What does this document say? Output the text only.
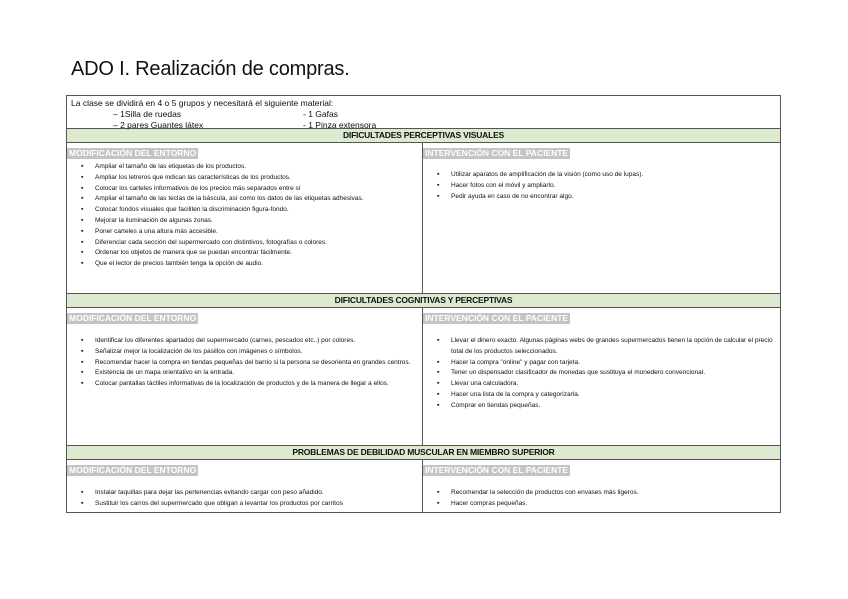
ADO I. Realización de compras.
La clase se dividirá en 4 o 5 grupos y necesitará el siguiente material:
– 1Silla de ruedas	- 1 Gafas
– 2 pares Guantes látex	- 1 Pinza extensora
DIFICULTADES PERCEPTIVAS VISUALES
MODIFICACIÓN DEL ENTORNO
▪ Ampliar el tamaño de las etiquetas de los productos.
▪ Ampliar los letreros que indican las características de los productos.
▪ Colocar los carteles informativos de los precios más separados entre sí
▪ Ampliar el tamaño de las teclas de la báscula, así como los datos de las etiquetas adhesivas.
▪ Colocar fondos visuales que faciliten la discriminación figura-fondo.
▪ Mejorar la iluminación de algunas zonas.
▪ Poner carteles a una altura más accesible.
▪ Diferenciar cada sección del supermercado con distintivos, fotografías o colores.
▪ Ordenar los objetos de manera que se puedan encontrar fácilmente.
▪ Que el lector de precios también tenga la opción de audio.
INTERVENCIÓN CON EL PACIENTE
▪ Utilizar aparatos de amplificación de la visión (como uso de lupas).
▪ Hacer fotos con el móvil y ampliarlo.
▪ Pedir ayuda en caso de no encontrar algo.
DIFICULTADES COGNITIVAS Y PERCEPTIVAS
MODIFICACIÓN DEL ENTORNO
▪ Identificar los diferentes apartados del supermercado (carnes, pescados etc..) por colores.
▪ Señalizar mejor la localización de los pasillos con imágenes o símbolos.
▪ Recomendar hacer la compra en tiendas pequeñas del barrio si la persona se desorienta en grandes centros.
▪ Existencia de un mapa orientativo en la entrada.
▪ Colocar pantallas táctiles informativas de la localización de productos y de la manera de llegar a ellos.
INTERVENCIÓN CON EL PACIENTE
▪ Llevar el dinero exacto. Algunas páginas webs de grandes supermercados tienen la opción de calcular el precio total de los productos seleccionados.
▪ Hacer la compra "online" y pagar con tarjeta.
▪ Tener un dispensador clasificador de monedas que sustituya el monedero convencional.
▪ Llevar una calculadora.
▪ Hacer una lista de la compra y categorizarla.
▪ Comprar en tiendas pequeñas.
PROBLEMAS DE DEBILIDAD MUSCULAR EN MIEMBRO SUPERIOR
MODIFICACIÓN DEL ENTORNO
▪ Instalar taquillas para dejar las pertenencias evitando cargar con peso añadido.
▪ Sustituir los carros del supermercado que obligan a levantar los productos por carritos
INTERVENCIÓN CON EL PACIENTE
▪ Recomendar la selección de productos con envases más ligeros.
▪ Hacer compras pequeñas.
